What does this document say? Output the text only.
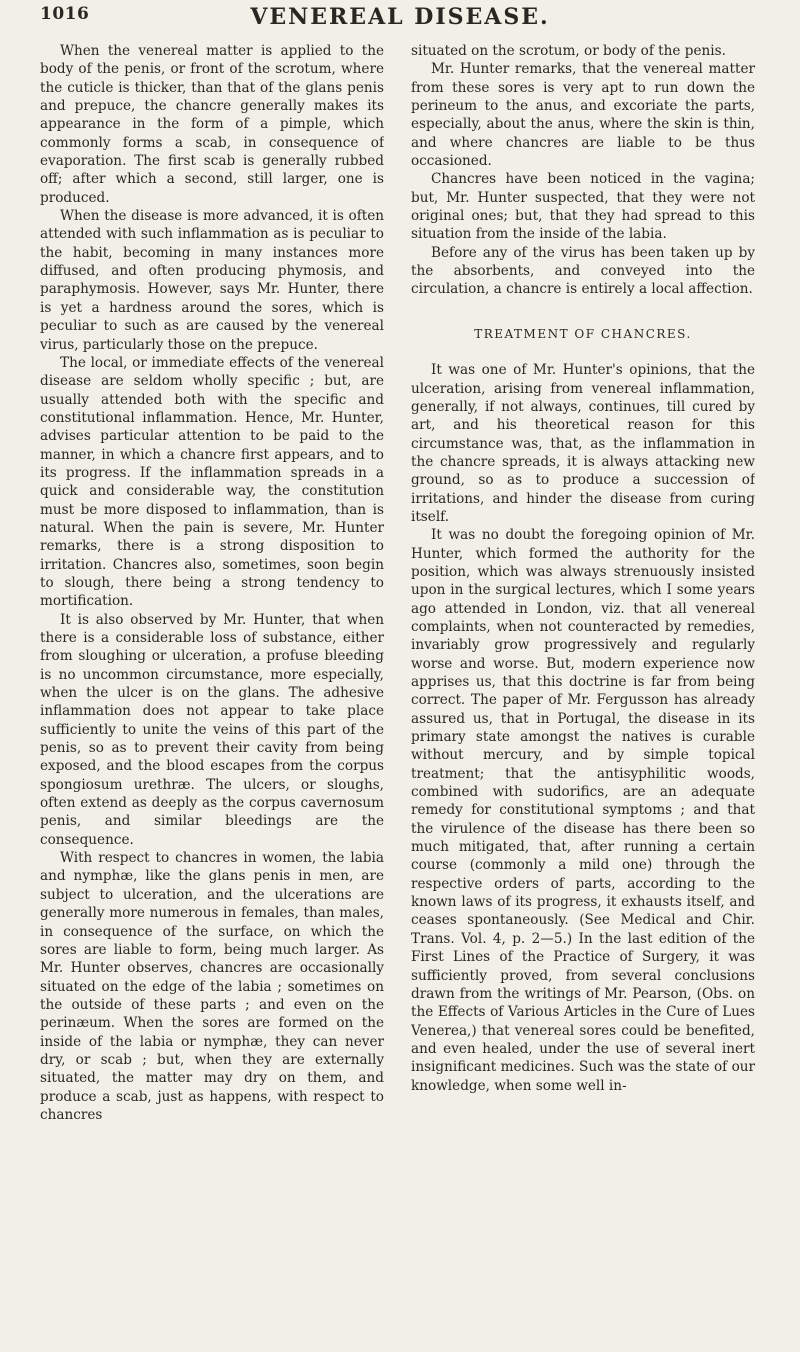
1016	VENEREAL DISEASE.

When the venereal matter is applied to the body of the penis, or front of the scrotum, where the cuticle is thicker, than that of the glans penis and prepuce, the chancre generally makes its appearance in the form of a pimple, which commonly forms a scab, in consequence of evaporation. The first scab is generally rubbed off; after which a second, still larger, one is produced.

When the disease is more advanced, it is often attended with such inflammation as is peculiar to the habit, becoming in many instances more diffused, and often producing phymosis, and paraphymosis. However, says Mr. Hunter, there is yet a hardness around the sores, which is peculiar to such as are caused by the venereal virus, particularly those on the prepuce.

The local, or immediate effects of the venereal disease are seldom wholly specific ; but, are usually attended both with the specific and constitutional inflammation. Hence, Mr. Hunter, advises particular attention to be paid to the manner, in which a chancre first appears, and to its progress. If the inflammation spreads in a quick and considerable way, the constitution must be more disposed to inflammation, than is natural. When the pain is severe, Mr. Hunter remarks, there is a strong disposition to irritation. Chancres also, sometimes, soon begin to slough, there being a strong tendency to mortification.

It is also observed by Mr. Hunter, that when there is a considerable loss of substance, either from sloughing or ulceration, a profuse bleeding is no uncommon circumstance, more especially, when the ulcer is on the glans. The adhesive inflammation does not appear to take place sufficiently to unite the veins of this part of the penis, so as to prevent their cavity from being exposed, and the blood escapes from the corpus spongiosum urethræ. The ulcers, or sloughs, often extend as deeply as the corpus cavernosum penis, and similar bleedings are the consequence.

With respect to chancres in women, the labia and nymphæ, like the glans penis in men, are subject to ulceration, and the ulcerations are generally more numerous in females, than males, in consequence of the surface, on which the sores are liable to form, being much larger. As Mr. Hunter observes, chancres are occasionally situated on the edge of the labia ; sometimes on the outside of these parts ; and even on the perinæum. When the sores are formed on the inside of the labia or nymphæ, they can never dry, or scab ; but, when they are externally situated, the matter may dry on them, and produce a scab, just as happens, with respect to chancres

situated on the scrotum, or body of the penis.

Mr. Hunter remarks, that the venereal matter from these sores is very apt to run down the perineum to the anus, and excoriate the parts, especially, about the anus, where the skin is thin, and where chancres are liable to be thus occasioned.

Chancres have been noticed in the vagina; but, Mr. Hunter suspected, that they were not original ones; but, that they had spread to this situation from the inside of the labia.

Before any of the virus has been taken up by the absorbents, and conveyed into the circulation, a chancre is entirely a local affection.

TREATMENT OF CHANCRES.

It was one of Mr. Hunter's opinions, that the ulceration, arising from venereal inflammation, generally, if not always, continues, till cured by art, and his theoretical reason for this circumstance was, that, as the inflammation in the chancre spreads, it is always attacking new ground, so as to produce a succession of irritations, and hinder the disease from curing itself.

It was no doubt the foregoing opinion of Mr. Hunter, which formed the authority for the position, which was always strenuously insisted upon in the surgical lectures, which I some years ago attended in London, viz. that all venereal complaints, when not counteracted by remedies, invariably grow progressively and regularly worse and worse. But, modern experience now apprises us, that this doctrine is far from being correct. The paper of Mr. Fergusson has already assured us, that in Portugal, the disease in its primary state amongst the natives is curable without mercury, and by simple topical treatment; that the antisyphilitic woods, combined with sudorifics, are an adequate remedy for constitutional symptoms ; and that the virulence of the disease has there been so much mitigated, that, after running a certain course (commonly a mild one) through the respective orders of parts, according to the known laws of its progress, it exhausts itself, and ceases spontaneously. (See Medical and Chir. Trans. Vol. 4, p. 2—5.) In the last edition of the First Lines of the Practice of Surgery, it was sufficiently proved, from several conclusions drawn from the writings of Mr. Pearson, (Obs. on the Effects of Various Articles in the Cure of Lues Venerea,) that venereal sores could be benefited, and even healed, under the use of several inert insignificant medicines. Such was the state of our knowledge, when some well in-
